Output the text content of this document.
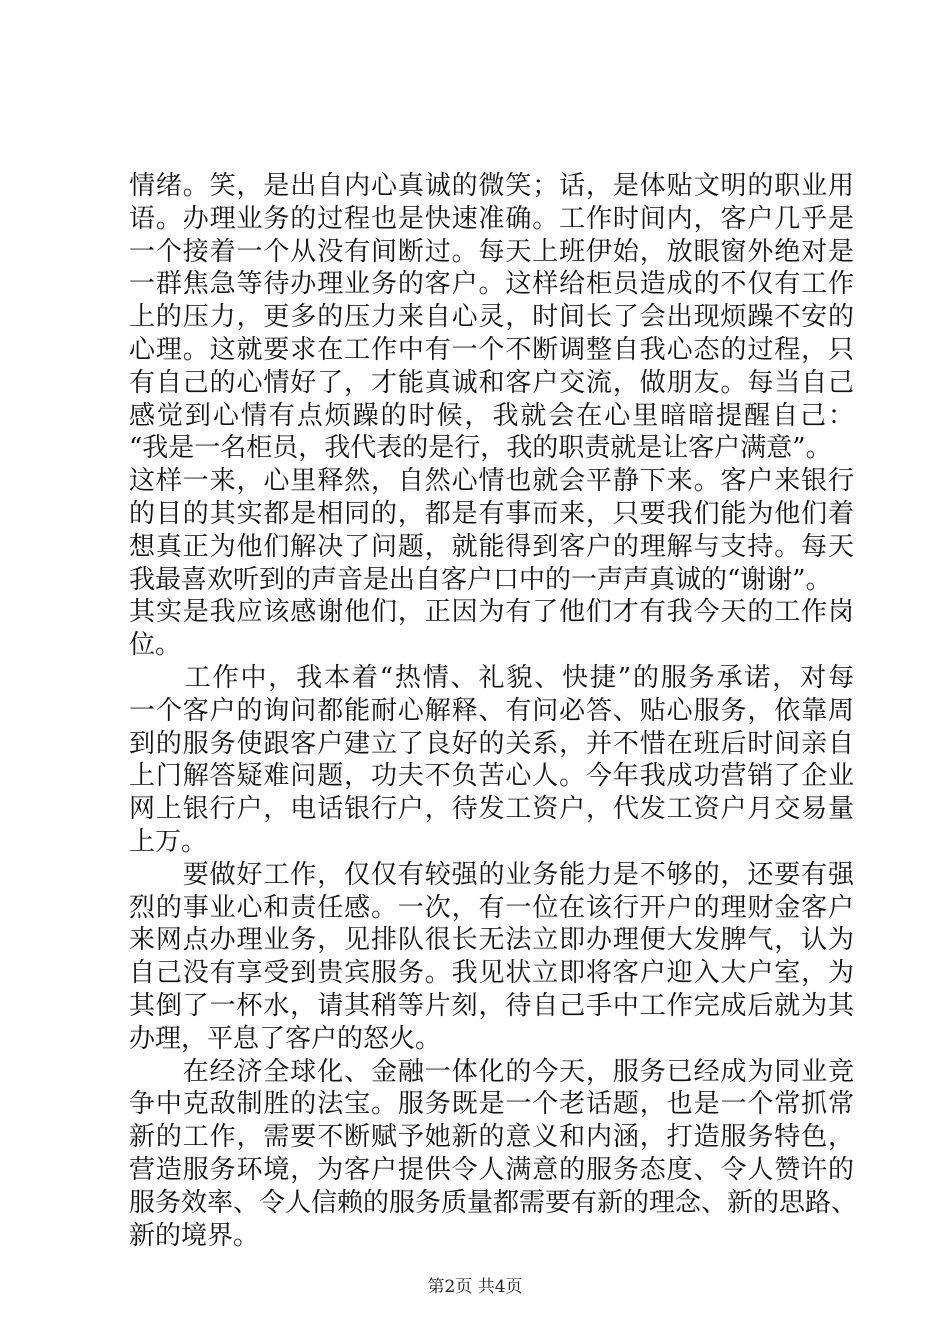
情绪。笑，是出自内心真诚的微笑；话，是体贴文明的职业用
语。办理业务的过程也是快速准确。工作时间内，客户几乎是
一个接着一个从没有间断过。每天上班伊始，放眼窗外绝对是
一群焦急等待办理业务的客户。这样给柜员造成的不仅有工作
上的压力，更多的压力来自心灵，时间长了会出现烦躁不安的
心理。这就要求在工作中有一个不断调整自我心态的过程，只
有自己的心情好了，才能真诚和客户交流，做朋友。每当自己
感觉到心情有点烦躁的时候，我就会在心里暗暗提醒自己：
“我是一名柜员，我代表的是行，我的职责就是让客户满意”。
这样一来，心里释然，自然心情也就会平静下来。客户来银行
的目的其实都是相同的，都是有事而来，只要我们能为他们着
想真正为他们解决了问题，就能得到客户的理解与支持。每天
我最喜欢听到的声音是出自客户口中的一声声真诚的“谢谢”。
其实是我应该感谢他们，正因为有了他们才有我今天的工作岗
位。
　　工作中，我本着“热情、礼貌、快捷”的服务承诺，对每
一个客户的询问都能耐心解释、有问必答、贴心服务，依靠周
到的服务使跟客户建立了良好的关系，并不惜在班后时间亲自
上门解答疑难问题，功夫不负苦心人。今年我成功营销了企业
网上银行户，电话银行户，待发工资户，代发工资户月交易量
上万。
　　要做好工作，仅仅有较强的业务能力是不够的，还要有强
烈的事业心和责任感。一次，有一位在该行开户的理财金客户
来网点办理业务，见排队很长无法立即办理便大发脾气，认为
自己没有享受到贵宾服务。我见状立即将客户迎入大户室，为
其倒了一杯水，请其稍等片刻，待自己手中工作完成后就为其
办理，平息了客户的怒火。
　　在经济全球化、金融一体化的今天，服务已经成为同业竞
争中克敌制胜的法宝。服务既是一个老话题，也是一个常抓常
新的工作，需要不断赋予她新的意义和内涵，打造服务特色，
营造服务环境，为客户提供令人满意的服务态度、令人赞许的
服务效率、令人信赖的服务质量都需要有新的理念、新的思路、
新的境界。
第2页 共4页
